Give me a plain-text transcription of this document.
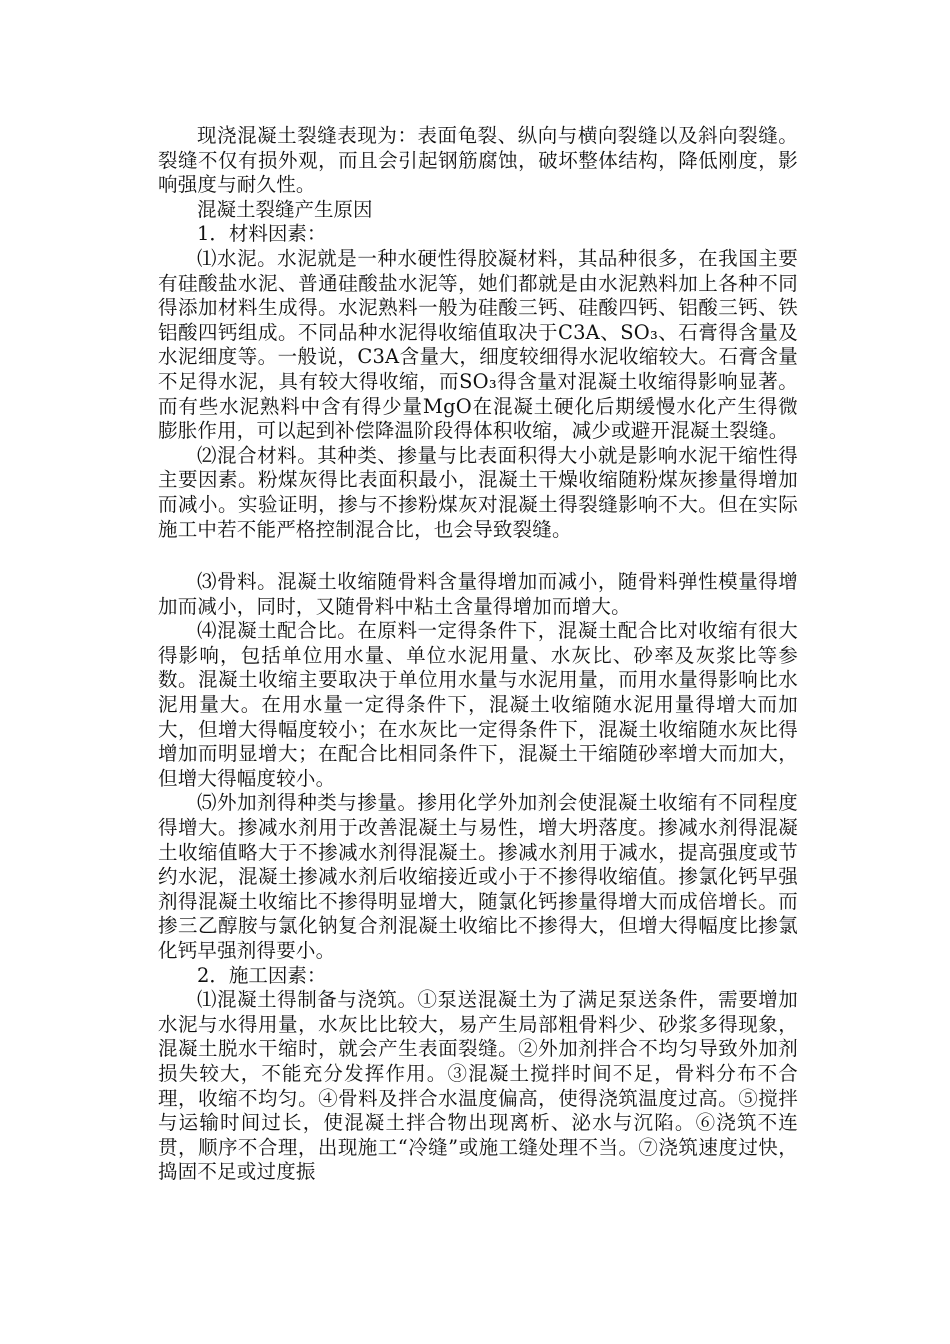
现浇混凝土裂缝表现为：表面龟裂、纵向与横向裂缝以及斜向裂缝。裂缝不仅有损外观，而且会引起钢筋腐蚀，破坏整体结构，降低刚度，影响强度与耐久性。

混凝土裂缝产生原因

1．材料因素：

⑴水泥。水泥就是一种水硬性得胶凝材料，其品种很多，在我国主要有硅酸盐水泥、普通硅酸盐水泥等，她们都就是由水泥熟料加上各种不同得添加材料生成得。水泥熟料一般为硅酸三钙、硅酸四钙、铝酸三钙、铁铝酸四钙组成。不同品种水泥得收缩值取决于C3A、SO₃、石膏得含量及水泥细度等。一般说，C3A含量大，细度较细得水泥收缩较大。石膏含量不足得水泥，具有较大得收缩，而SO₃得含量对混凝土收缩得影响显著。而有些水泥熟料中含有得少量MgO在混凝土硬化后期缓慢水化产生得微膨胀作用，可以起到补偿降温阶段得体积收缩，减少或避开混凝土裂缝。

⑵混合材料。其种类、掺量与比表面积得大小就是影响水泥干缩性得主要因素。粉煤灰得比表面积最小，混凝土干燥收缩随粉煤灰掺量得增加而减小。实验证明，掺与不掺粉煤灰对混凝土得裂缝影响不大。但在实际施工中若不能严格控制混合比，也会导致裂缝。

⑶骨料。混凝土收缩随骨料含量得增加而减小，随骨料弹性模量得增加而减小，同时，又随骨料中粘土含量得增加而增大。

⑷混凝土配合比。在原料一定得条件下，混凝土配合比对收缩有很大得影响，包括单位用水量、单位水泥用量、水灰比、砂率及灰浆比等参数。混凝土收缩主要取决于单位用水量与水泥用量，而用水量得影响比水泥用量大。在用水量一定得条件下，混凝土收缩随水泥用量得增大而加大，但增大得幅度较小；在水灰比一定得条件下，混凝土收缩随水灰比得增加而明显增大；在配合比相同条件下，混凝土干缩随砂率增大而加大，但增大得幅度较小。

⑸外加剂得种类与掺量。掺用化学外加剂会使混凝土收缩有不同程度得增大。掺减水剂用于改善混凝土与易性，增大坍落度。掺减水剂得混凝土收缩值略大于不掺减水剂得混凝土。掺减水剂用于减水，提高强度或节约水泥，混凝土掺减水剂后收缩接近或小于不掺得收缩值。掺氯化钙早强剂得混凝土收缩比不掺得明显增大，随氯化钙掺量得增大而成倍增长。而掺三乙醇胺与氯化钠复合剂混凝土收缩比不掺得大，但增大得幅度比掺氯化钙早强剂得要小。

2．施工因素：

⑴混凝土得制备与浇筑。①泵送混凝土为了满足泵送条件，需要增加水泥与水得用量，水灰比比较大，易产生局部粗骨料少、砂浆多得现象，混凝土脱水干缩时，就会产生表面裂缝。②外加剂拌合不均匀导致外加剂损失较大，不能充分发挥作用。③混凝土搅拌时间不足，骨料分布不合理，收缩不均匀。④骨料及拌合水温度偏高，使得浇筑温度过高。⑤搅拌与运输时间过长，使混凝土拌合物出现离析、泌水与沉陷。⑥浇筑不连贯，顺序不合理，出现施工“冷缝”或施工缝处理不当。⑦浇筑速度过快，捣固不足或过度振
